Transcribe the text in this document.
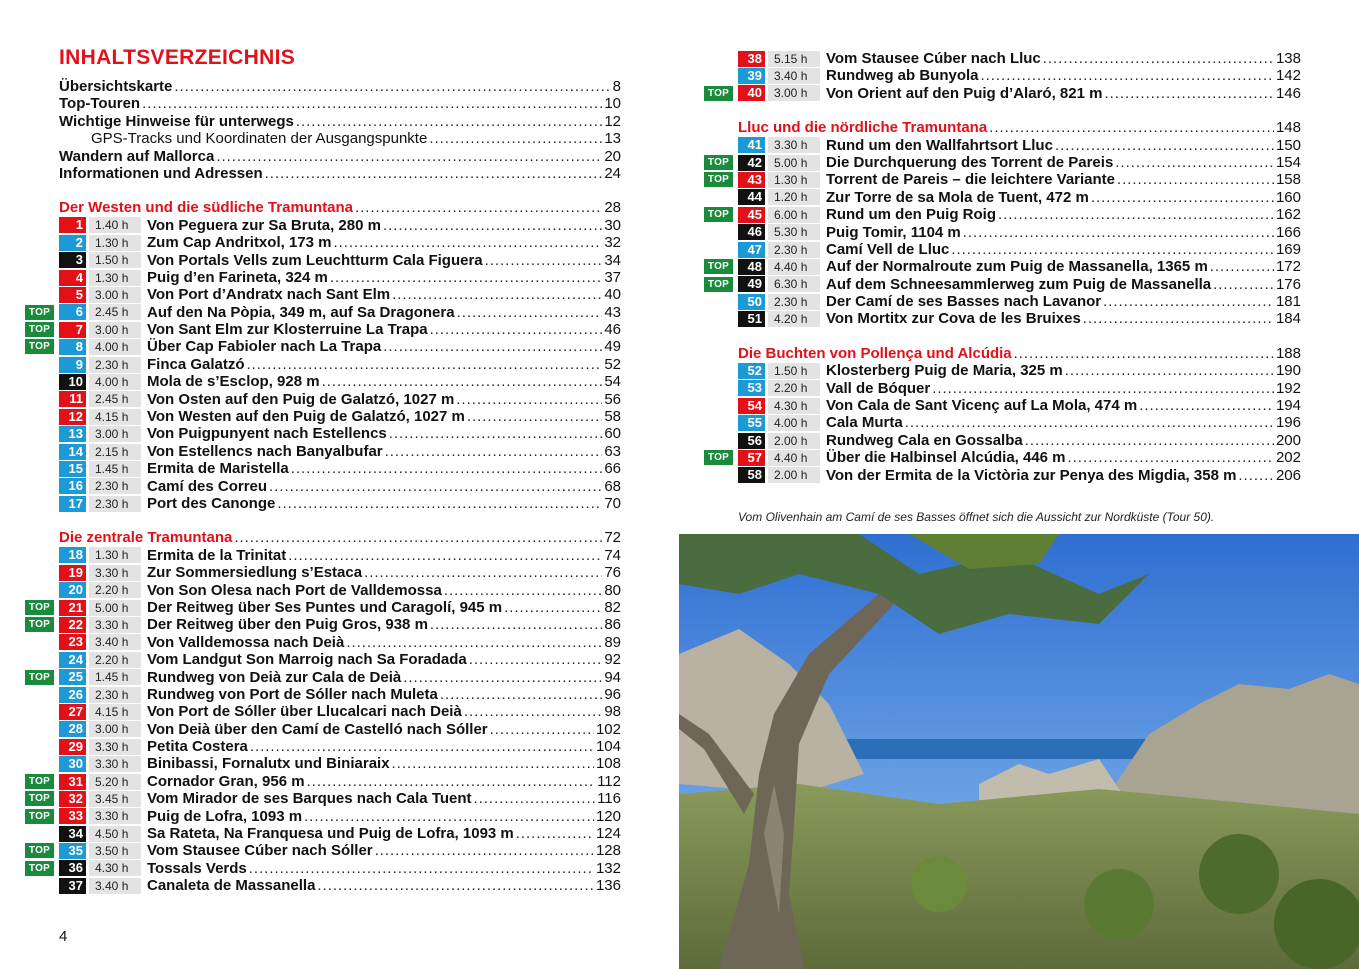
INHALTSVERZEICHNIS
Übersichtskarte . . .	8
Top-Touren . . .	10
Wichtige Hinweise für unterwegs . . .	12
GPS-Tracks und Koordinaten der Ausgangspunkte . . .	13
Wandern auf Mallorca . . .	20
Informationen und Adressen . . .	24
Der Westen und die südliche Tramuntana . . .	28
1	1.40 h	Von Peguera zur Sa Bruta, 280 m . . .	30
2	1.30 h	Zum Cap Andritxol, 173 m . . .	32
3	1.50 h	Von Portals Vells zum Leuchtturm Cala Figuera . . .	34
4	1.30 h	Puig d’en Farineta, 324 m . . .	37
5	3.00 h	Von Port d’Andratx nach Sant Elm . . .	40
TOP	6	2.45 h	Auf den Na Pòpia, 349 m, auf Sa Dragonera . . .	43
TOP	7	3.00 h	Von Sant Elm zur Klosterruine La Trapa . . .	46
TOP	8	4.00 h	Über Cap Fabioler nach La Trapa . . .	49
9	2.30 h	Finca Galatzó . . .	52
10	4.00 h	Mola de s’Esclop, 928 m . . .	54
11	2.45 h	Von Osten auf den Puig de Galatzó, 1027 m . . .	56
12	4.15 h	Von Westen auf den Puig de Galatzó, 1027 m . . .	58
13	3.00 h	Von Puigpunyent nach Estellencs . . .	60
14	2.15 h	Von Estellencs nach Banyalbufar . . .	63
15	1.45 h	Ermita de Maristella . . .	66
16	2.30 h	Camí des Correu . . .	68
17	2.30 h	Port des Canonge . . .	70
Die zentrale Tramuntana . . .	72
18	1.30 h	Ermita de la Trinitat . . .	74
19	3.30 h	Zur Sommersiedlung s’Estaca . . .	76
20	2.20 h	Von Son Olesa nach Port de Valldemossa . . .	80
TOP	21	5.00 h	Der Reitweg über Ses Puntes und Caragolí, 945 m . . .	82
TOP	22	3.30 h	Der Reitweg über den Puig Gros, 938 m . . .	86
23	3.40 h	Von Valldemossa nach Deià . . .	89
24	2.20 h	Vom Landgut Son Marroig nach Sa Foradada . . .	92
TOP	25	1.45 h	Rundweg von Deià zur Cala de Deià . . .	94
26	2.30 h	Rundweg von Port de Sóller nach Muleta . . .	96
27	4.15 h	Von Port de Sóller über Llucalcari nach Deià . . .	98
28	3.00 h	Von Deià über den Camí de Castelló nach Sóller . . .	102
29	3.30 h	Petita Costera . . .	104
30	3.30 h	Binibassi, Fornalutx und Biniaraix . . .	108
TOP	31	5.20 h	Cornador Gran, 956 m . . .	112
TOP	32	3.45 h	Vom Mirador de ses Barques nach Cala Tuent . . .	116
TOP	33	3.30 h	Puig de Lofra, 1093 m . . .	120
34	4.50 h	Sa Rateta, Na Franquesa und Puig de Lofra, 1093 m . . .	124
TOP	35	3.50 h	Vom Stausee Cúber nach Sóller . . .	128
TOP	36	4.30 h	Tossals Verds . . .	132
37	3.40 h	Canaleta de Massanella . . .	136
38	5.15 h	Vom Stausee Cúber nach Lluc . . .	138
39	3.40 h	Rundweg ab Bunyola . . .	142
TOP	40	3.00 h	Von Orient auf den Puig d’Alaró, 821 m . . .	146
Lluc und die nördliche Tramuntana . . .	148
41	3.30 h	Rund um den Wallfahrtsort Lluc . . .	150
TOP	42	5.00 h	Die Durchquerung des Torrent de Pareis . . .	154
TOP	43	1.30 h	Torrent de Pareis – die leichtere Variante . . .	158
44	1.20 h	Zur Torre de sa Mola de Tuent, 472 m . . .	160
TOP	45	6.00 h	Rund um den Puig Roig . . .	162
46	5.30 h	Puig Tomir, 1104 m . . .	166
47	2.30 h	Camí Vell de Lluc . . .	169
TOP	48	4.40 h	Auf der Normalroute zum Puig de Massanella, 1365 m . . .	172
TOP	49	6.30 h	Auf dem Schneesammlerweg zum Puig de Massanella . . .	176
50	2.30 h	Der Camí de ses Basses nach Lavanor . . .	181
51	4.20 h	Von Mortitx zur Cova de les Bruixes . . .	184
Die Buchten von Pollença und Alcúdia . . .	188
52	1.50 h	Klosterberg Puig de Maria, 325 m . . .	190
53	2.20 h	Vall de Bóquer . . .	192
54	4.30 h	Von Cala de Sant Vicenç auf La Mola, 474 m . . .	194
55	4.00 h	Cala Murta . . .	196
56	2.00 h	Rundweg Cala en Gossalba . . .	200
TOP	57	4.40 h	Über die Halbinsel Alcúdia, 446 m . . .	202
58	2.00 h	Von der Ermita de la Victòria zur Penya des Migdia, 358 m . . .	206
Vom Olivenhain am Camí de ses Basses öffnet sich die Aussicht zur Nordküste (Tour 50).
4
